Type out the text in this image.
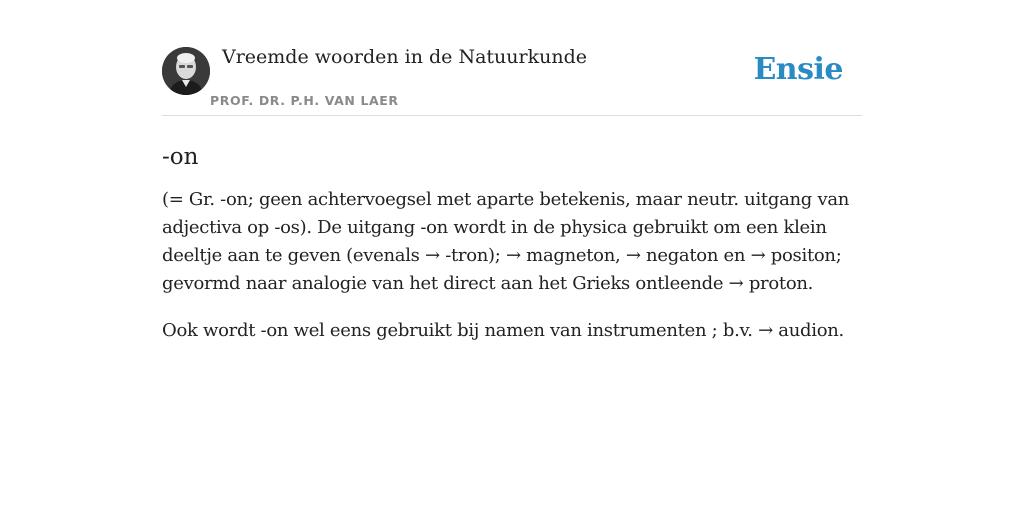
Vreemde woorden in de Natuurkunde
PROF. DR. P.H. VAN LAER
Ensie
-on

(= Gr. -on; geen achtervoegsel met aparte betekenis, maar neutr. uitgang van adjectiva op -os). De uitgang -on wordt in de physica gebruikt om een klein deeltje aan te geven (evenals → -tron); → magneton, → negaton en → positon; gevormd naar analogie van het direct aan het Grieks ontleende → proton.

Ook wordt -on wel eens gebruikt bij namen van instrumenten ; b.v. → audion.
